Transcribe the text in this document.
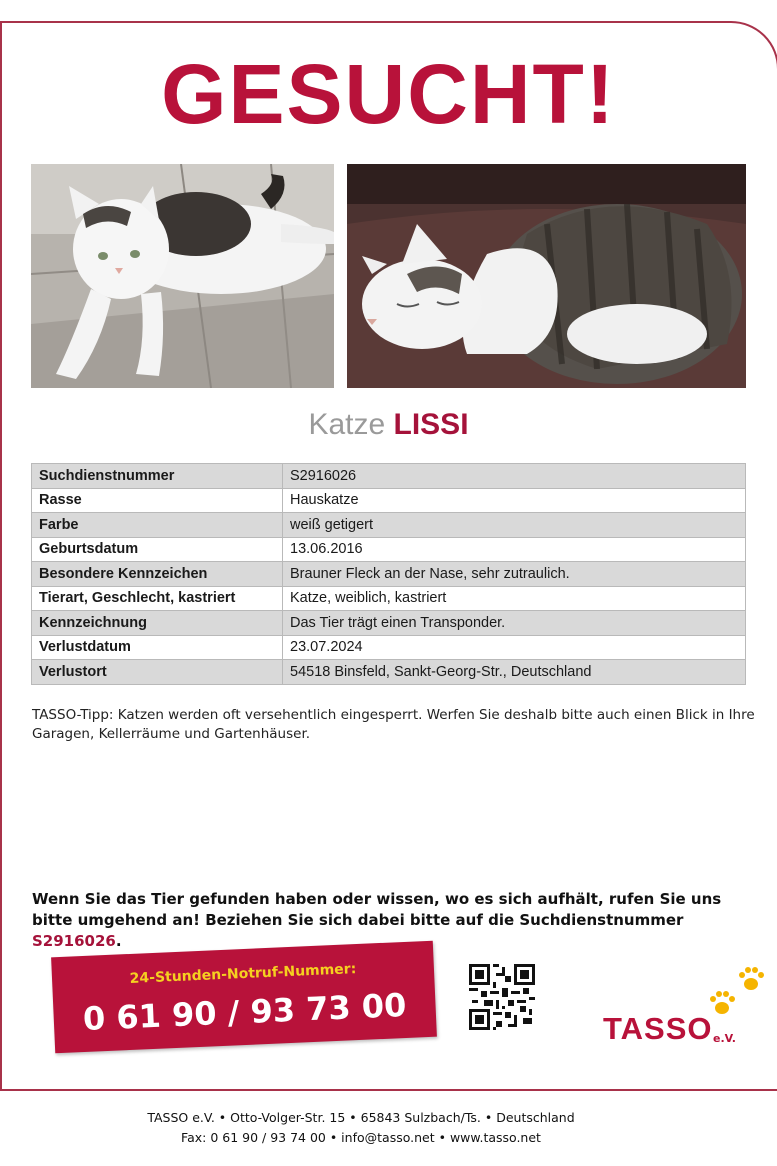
GESUCHT!
Katze LISSI
Suchdienstnummer	S2916026
Rasse	Hauskatze
Farbe	weiß getigert
Geburtsdatum	13.06.2016
Besondere Kennzeichen	Brauner Fleck an der Nase, sehr zutraulich.
Tierart, Geschlecht, kastriert	Katze, weiblich, kastriert
Kennzeichnung	Das Tier trägt einen Transponder.
Verlustdatum	23.07.2024
Verlustort	54518 Binsfeld, Sankt-Georg-Str., Deutschland
TASSO-Tipp: Katzen werden oft versehentlich eingesperrt. Werfen Sie deshalb bitte auch einen Blick in Ihre Garagen, Kellerräume und Gartenhäuser.
Wenn Sie das Tier gefunden haben oder wissen, wo es sich aufhält, rufen Sie uns bitte umgehend an! Beziehen Sie sich dabei bitte auf die Suchdienstnummer S2916026.
24-Stunden-Notruf-Nummer:
0 61 90 / 93 73 00	TASSO e.V.
TASSO e.V. • Otto-Volger-Str. 15 • 65843 Sulzbach/Ts. • Deutschland
Fax: 0 61 90 / 93 74 00 • info@tasso.net • www.tasso.net
